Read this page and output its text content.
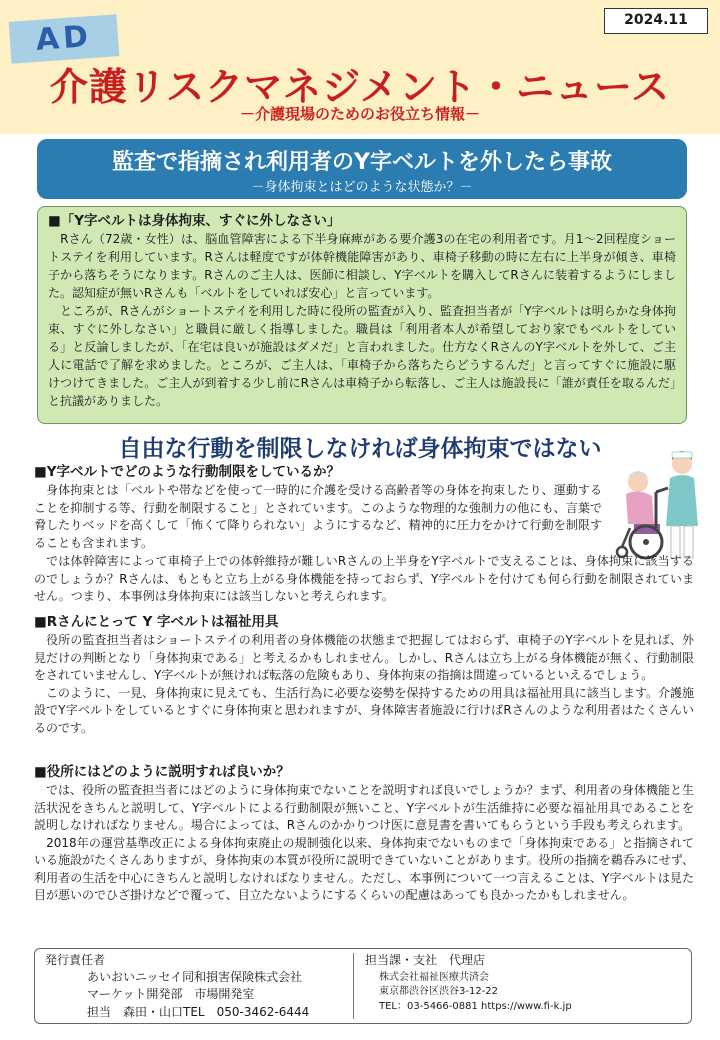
AD	2024.11
介護リスクマネジメント・ニュース
－介護現場のためのお役立ち情報－
監査で指摘され利用者のY字ベルトを外したら事故
－身体拘束とはどのような状態か？－
■「Y字ベルトは身体拘束、すぐに外しなさい」

　Rさん（72歳・女性）は、脳血管障害による下半身麻痺がある要介護3の在宅の利用者です。月1～2回程度ショートステイを利用しています。Rさんは軽度ですが体幹機能障害があり、車椅子移動の時に左右に上半身が傾き、車椅子から落ちそうになります。Rさんのご主人は、医師に相談し、Y字ベルトを購入してRさんに装着するようにしました。認知症が無いRさんも「ベルトをしていれば安心」と言っています。

　ところが、Rさんがショートステイを利用した時に役所の監査が入り、監査担当者が「Y字ベルトは明らかな身体拘束、すぐに外しなさい」と職員に厳しく指導しました。職員は「利用者本人が希望しており家でもベルトをしている」と反論しましたが、「在宅は良いが施設はダメだ」と言われました。仕方なくRさんのY字ベルトを外して、ご主人に電話で了解を求めました。ところが、ご主人は、「車椅子から落ちたらどうするんだ」と言ってすぐに施設に駆けつけてきました。ご主人が到着する少し前にRさんは車椅子から転落し、ご主人は施設長に「誰が責任を取るんだ」と抗議がありました。

自由な行動を制限しなければ身体拘束ではない
■Y字ベルトでどのような行動制限をしているか？

　身体拘束とは「ベルトや帯などを使って一時的に介護を受ける高齢者等の身体を拘束したり、運動することを抑制する等、行動を制限すること」とされています。このような物理的な強制力の他にも、言葉で脅したりベッドを高くして「怖くて降りられない」ようにするなど、精神的に圧力をかけて行動を制限することも含まれます。

　では体幹障害によって車椅子上での体幹維持が難しいRさんの上半身をY字ベルトで支えることは、身体拘束に該当するのでしょうか？Rさんは、もともと立ち上がる身体機能を持っておらず、Y字ベルトを付けても何ら行動を制限されていません。つまり、本事例は身体拘束には該当しないと考えられます。

■Rさんにとって Y 字ベルトは福祉用具

　役所の監査担当者はショートステイの利用者の身体機能の状態まで把握してはおらず、車椅子のY字ベルトを見れば、外見だけの判断となり「身体拘束である」と考えるかもしれません。しかし、Rさんは立ち上がる身体機能が無く、行動制限をされていませんし、Y字ベルトが無ければ転落の危険もあり、身体拘束の指摘は間違っているといえるでしょう。

　このように、一見、身体拘束に見えても、生活行為に必要な姿勢を保持するための用具は福祉用具に該当します。介護施設でY字ベルトをしているとすぐに身体拘束と思われますが、身体障害者施設に行けばRさんのような利用者はたくさんいるのです。

■役所にはどのように説明すれば良いか？

　では、役所の監査担当者にはどのように身体拘束でないことを説明すれば良いでしょうか？まず、利用者の身体機能と生活状況をきちんと説明して、Y字ベルトによる行動制限が無いこと、Y字ベルトが生活維持に必要な福祉用具であることを説明しなければなりません。場合によっては、Rさんのかかりつけ医に意見書を書いてもらうという手段も考えられます。

　2018年の運営基準改正による身体拘束廃止の規制強化以来、身体拘束でないものまで「身体拘束である」と指摘されている施設がたくさんありますが、身体拘束の本質が役所に説明できていないことがあります。役所の指摘を鵜呑みにせず、利用者の生活を中心にきちんと説明しなければなりません。ただし、本事例について一つ言えることは、Y字ベルトは見た目が悪いのでひざ掛けなどで覆って、目立たないようにするくらいの配慮はあっても良かったかもしれません。

発行責任者
あいおいニッセイ同和損害保険株式会社
マーケット開発部　市場開発室
担当　森田・山口TEL　050-3462-6444
担当課・支社　代理店
株式会社福祉医療共済会
東京都渋谷区渋谷3-12-22
TEL：03-5466-0881 https://www.fi-k.jp
